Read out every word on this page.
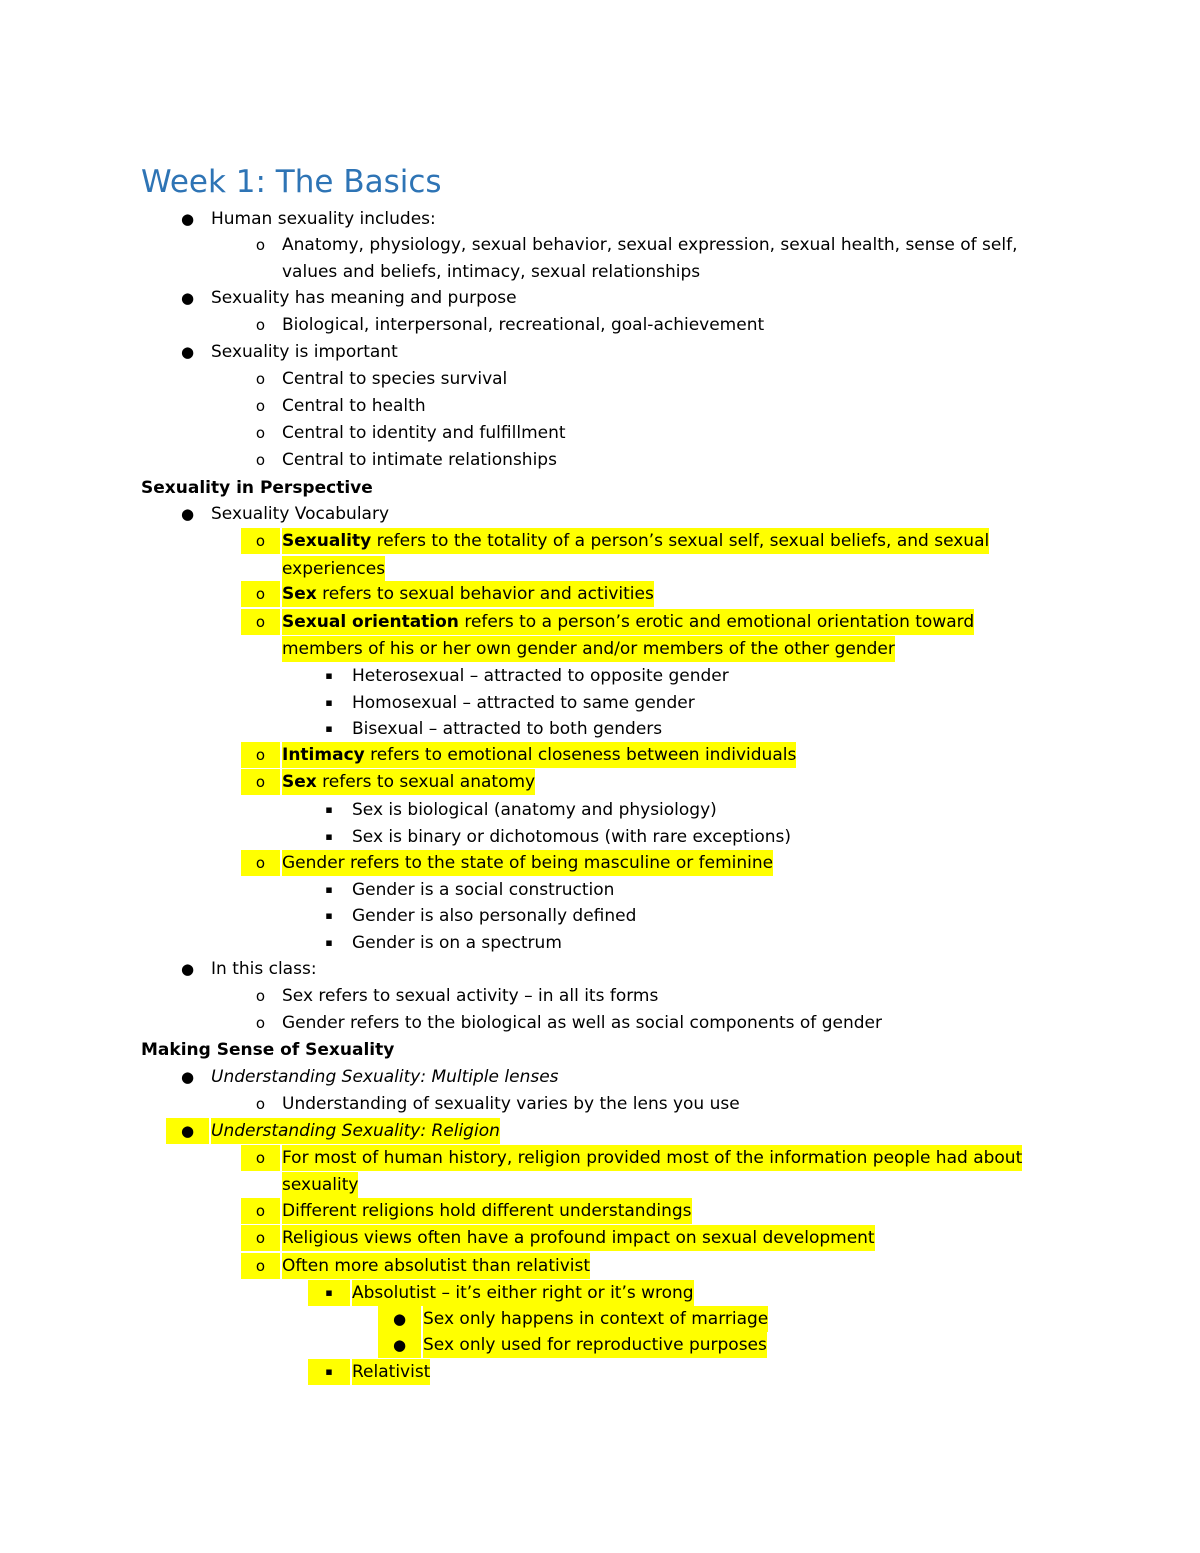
Week 1: The Basics
● Human sexuality includes:
o Anatomy, physiology, sexual behavior, sexual expression, sexual health, sense of self,
values and beliefs, intimacy, sexual relationships
● Sexuality has meaning and purpose
o Biological, interpersonal, recreational, goal-achievement
● Sexuality is important
o Central to species survival
o Central to health
o Central to identity and fulfillment
o Central to intimate relationships
Sexuality in Perspective
● Sexuality Vocabulary
o Sexuality refers to the totality of a person’s sexual self, sexual beliefs, and sexual
experiences
o Sex refers to sexual behavior and activities
o Sexual orientation refers to a person’s erotic and emotional orientation toward
members of his or her own gender and/or members of the other gender
▪	Heterosexual – attracted to opposite gender
▪	Homosexual – attracted to same gender
▪	Bisexual – attracted to both genders
o Intimacy refers to emotional closeness between individuals
o Sex refers to sexual anatomy
▪	Sex is biological (anatomy and physiology)
▪	Sex is binary or dichotomous (with rare exceptions)
o Gender refers to the state of being masculine or feminine
▪	Gender is a social construction
▪	Gender is also personally defined
▪	Gender is on a spectrum
● In this class:
o Sex refers to sexual activity – in all its forms
o Gender refers to the biological as well as social components of gender
Making Sense of Sexuality
● Understanding Sexuality: Multiple lenses
o Understanding of sexuality varies by the lens you use
● Understanding Sexuality: Religion
o For most of human history, religion provided most of the information people had about
sexuality
o Different religions hold different understandings
o Religious views often have a profound impact on sexual development
o Often more absolutist than relativist
▪	Absolutist – it’s either right or it’s wrong
● Sex only happens in context of marriage
● Sex only used for reproductive purposes
▪	Relativist
